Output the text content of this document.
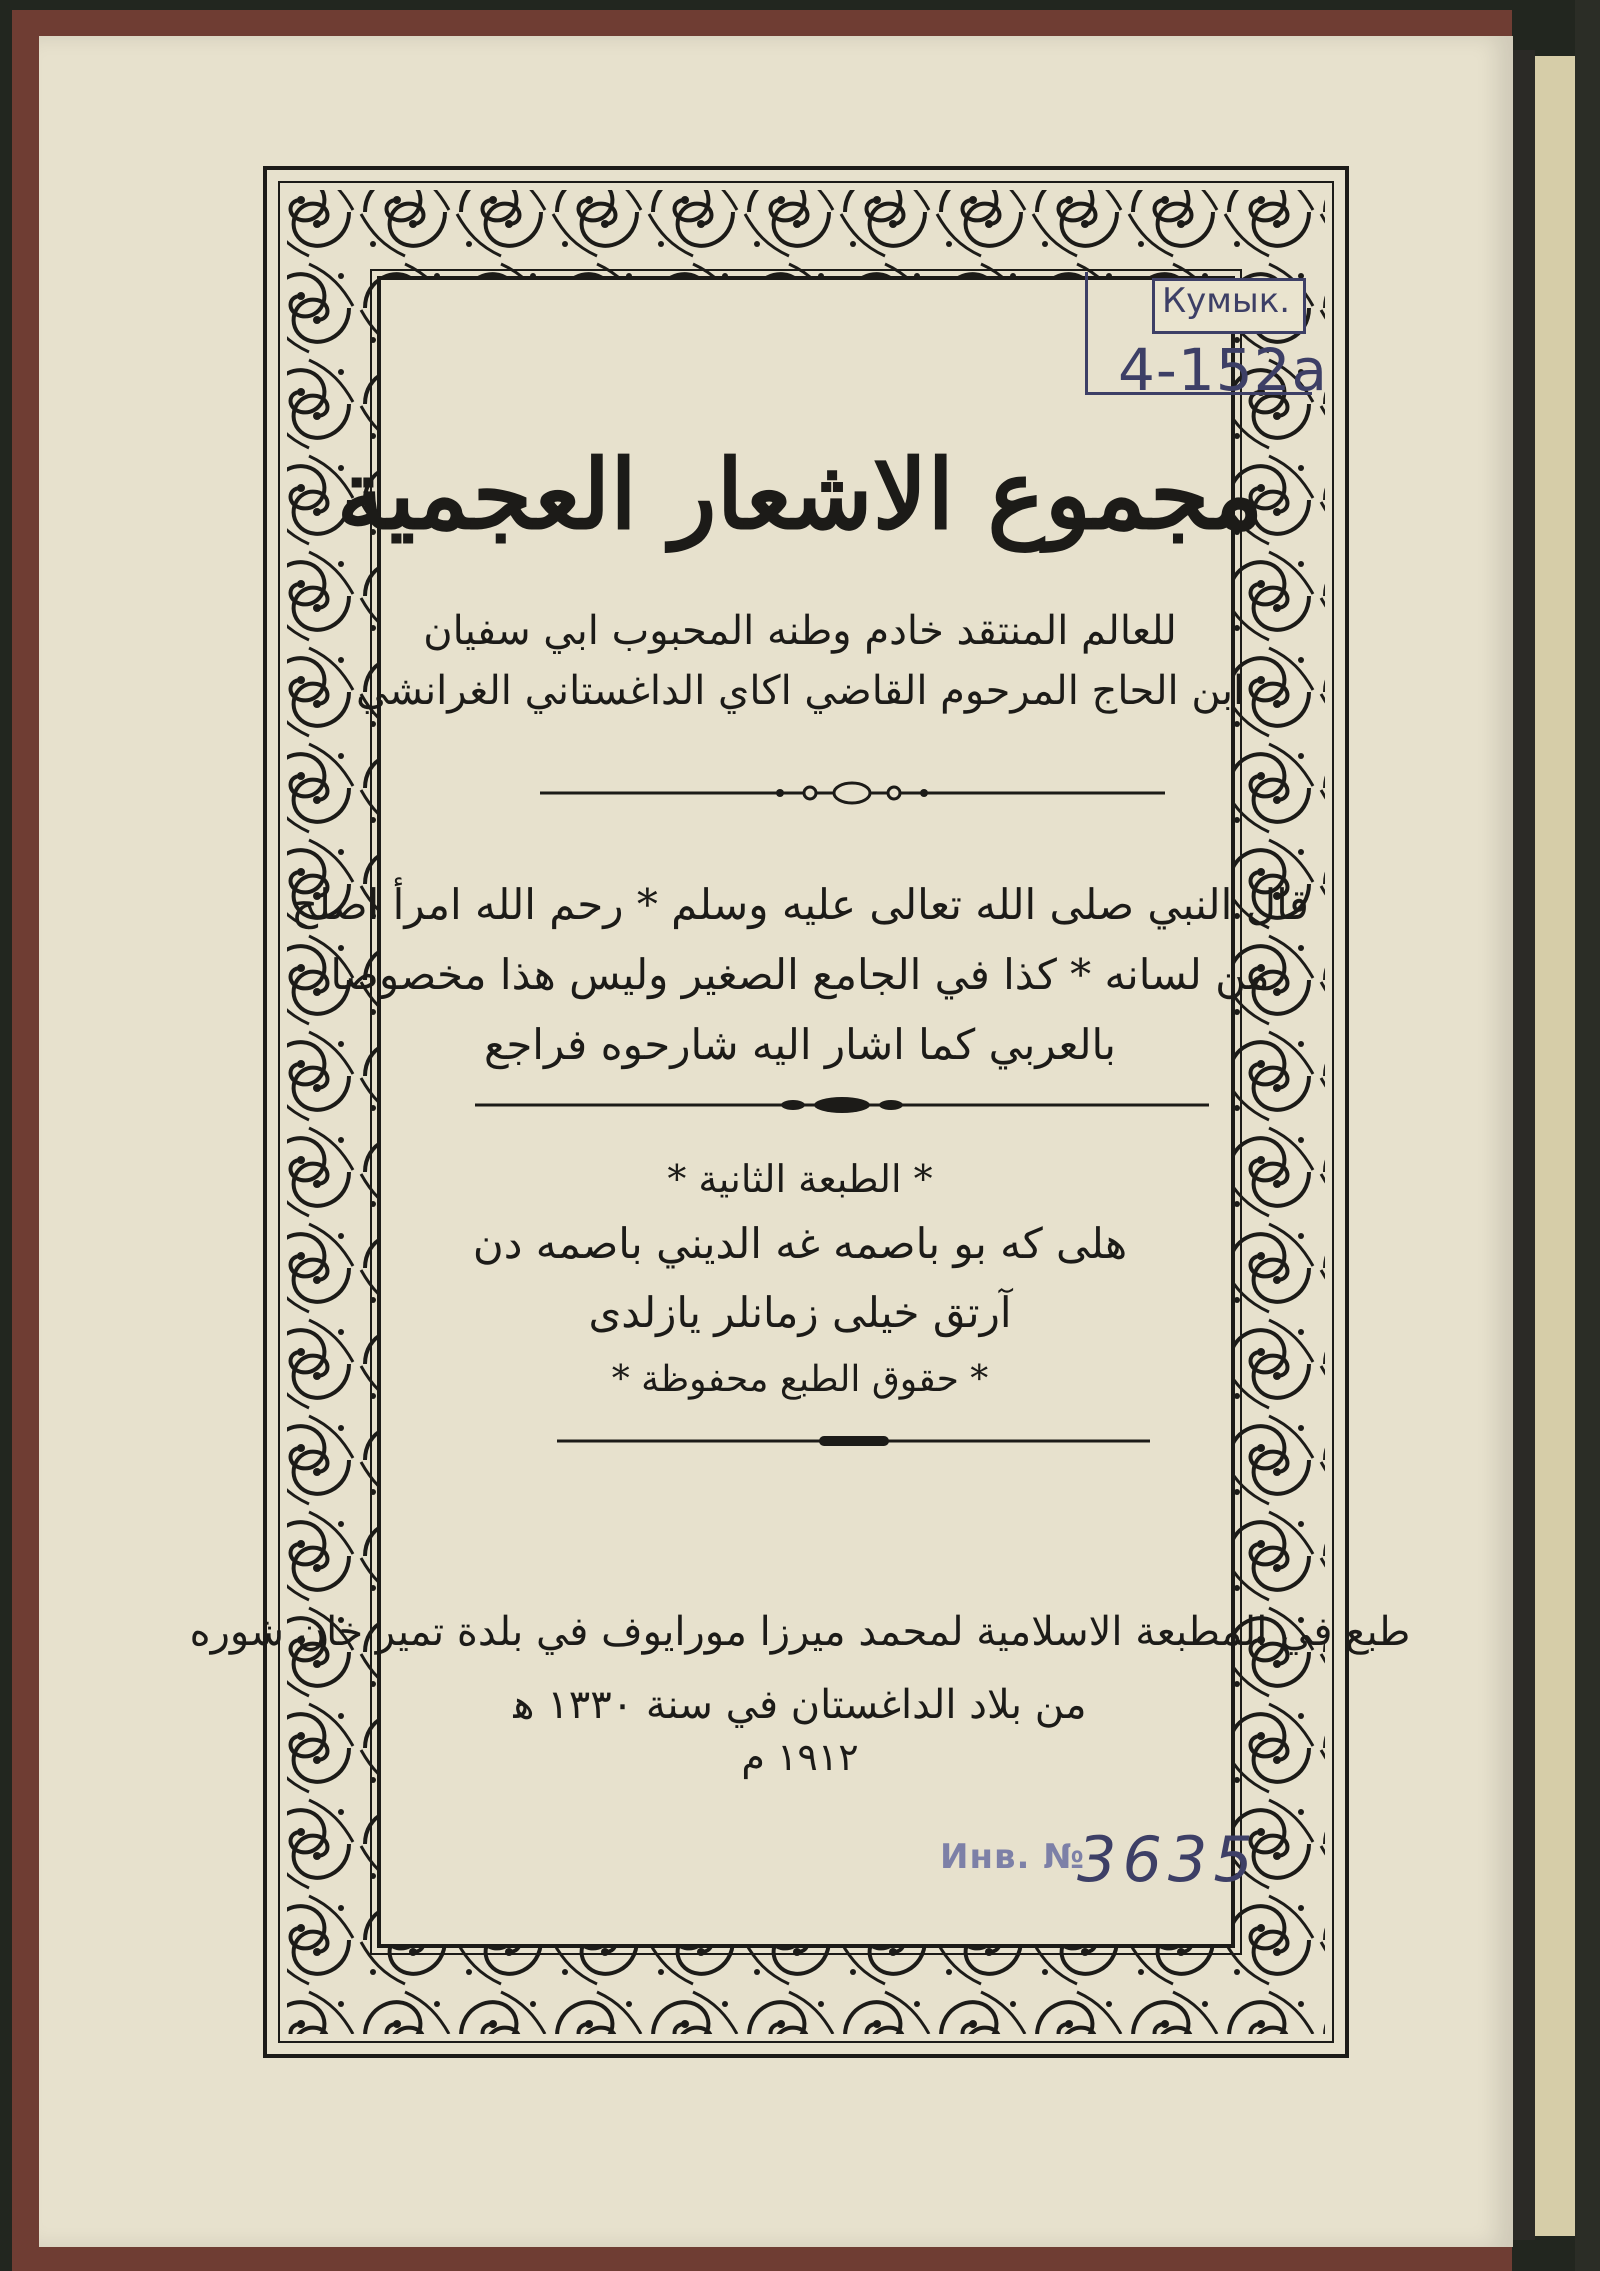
مجموع الاشعار العجمية
للعالم المنتقد خادم وطنه المحبوب ابي سفيان
ابن الحاج المرحوم القاضي اكاي الداغستاني الغرانشي
قال النبي صلى الله تعالى عليه وسلم * رحم الله امرأ اصلح
من لسانه * كذا في الجامع الصغير وليس هذا مخصوصا
بالعربي كما اشار اليه شارحوه فراجع
* الطبعة الثانية *
هلى كه بو باصمه غه الديني باصمه دن
آرتق خيلى زمانلر يازلدى
* حقوق الطبع محفوظة *
طبع في المطبعة الاسلامية لمحمد ميرزا مورايوف في بلدة تمير خان شوره
من بلاد الداغستان في سنة ١٣٣٠ ﻫ
١٩١٢ م
Кумык.
4-152а
Инв. №
3635
